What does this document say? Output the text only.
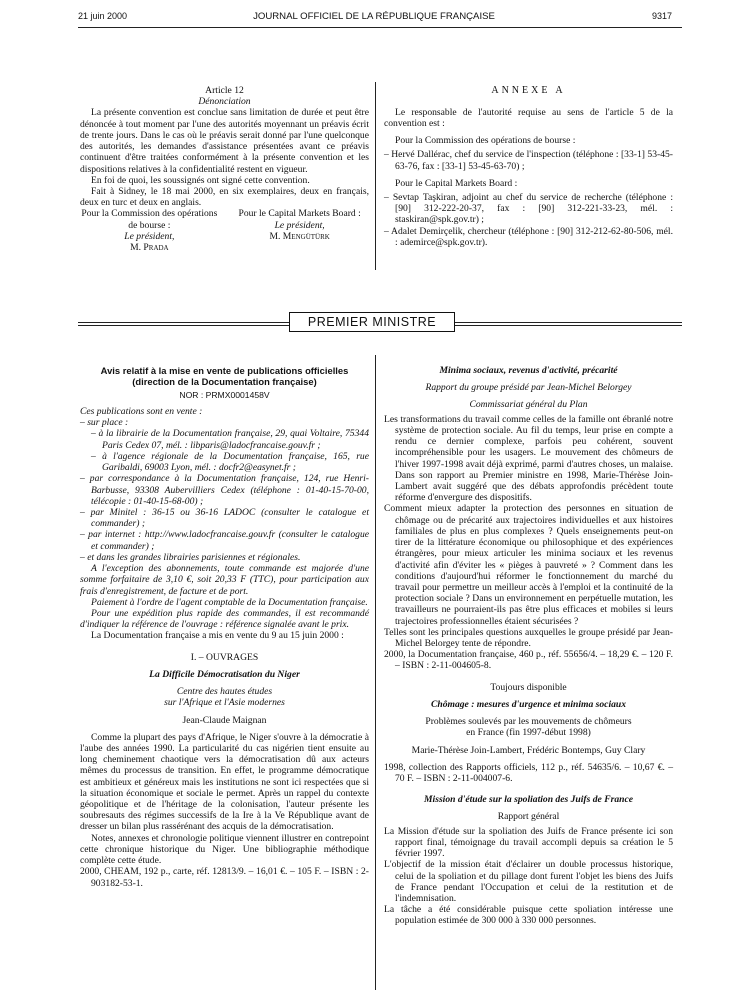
21 juin 2000	JOURNAL OFFICIEL DE LA RÉPUBLIQUE FRANÇAISE	9317

Article 12

Dénonciation

La présente convention est conclue sans limitation de durée et peut être dénoncée à tout moment par l'une des autorités moyennant un préavis écrit de trente jours. Dans le cas où le préavis serait donné par l'une quelconque des autorités, les demandes d'assistance présentées avant ce préavis continuent d'être traitées conformément à la présente convention et les dispositions relatives à la confidentialité restent en vigueur.

En foi de quoi, les soussignés ont signé cette convention.

Fait à Sidney, le 18 mai 2000, en six exemplaires, deux en français, deux en turc et deux en anglais.

Pour la Commission des opérations de bourse :

Le président,

M. Prada

Pour le Capital Markets Board :

Le président,

M. Mengütürk

ANNEXE A

Le responsable de l'autorité requise au sens de l'article 5 de la convention est :

Pour la Commission des opérations de bourse :

– Hervé Dallérac, chef du service de l'inspection (téléphone : [33-1] 53-45-63-76, fax : [33-1] 53-45-63-70) ;

Pour le Capital Markets Board :

– Sevtap Taşkiran, adjoint au chef du service de recherche (téléphone : [90] 312-222-20-37, fax : [90] 312-221-33-23, mél. : staskiran@spk.gov.tr) ;

– Adalet Demirçelik, chercheur (téléphone : [90] 312-212-62-80-506, mél. : ademirce@spk.gov.tr).

PREMIER MINISTRE

Avis relatif à la mise en vente de publications officielles

(direction de la Documentation française)

NOR : PRMX0001458V

Ces publications sont en vente :

– sur place :

– à la librairie de la Documentation française, 29, quai Voltaire, 75344 Paris Cedex 07, mél. : libparis@ladocfrancaise.gouv.fr ;

– à l'agence régionale de la Documentation française, 165, rue Garibaldi, 69003 Lyon, mél. : docfr2@easynet.fr ;

– par correspondance à la Documentation française, 124, rue Henri-Barbusse, 93308 Aubervilliers Cedex (téléphone : 01-40-15-70-00, télécopie : 01-40-15-68-00) ;

– par Minitel : 36-15 ou 36-16 LADOC (consulter le catalogue et commander) ;

– par internet : http://www.ladocfrancaise.gouv.fr (consulter le catalogue et commander) ;

– et dans les grandes librairies parisiennes et régionales.

A l'exception des abonnements, toute commande est majorée d'une somme forfaitaire de 3,10 €, soit 20,33 F (TTC), pour participation aux frais d'enregistrement, de facture et de port.

Paiement à l'ordre de l'agent comptable de la Documentation française.

Pour une expédition plus rapide des commandes, il est recommandé d'indiquer la référence de l'ouvrage : référence signalée avant le prix.

La Documentation française a mis en vente du 9 au 15 juin 2000 :

I. – OUVRAGES

La Difficile Démocratisation du Niger

Centre des hautes études

sur l'Afrique et l'Asie modernes

Jean-Claude Maignan

Comme la plupart des pays d'Afrique, le Niger s'ouvre à la démocratie à l'aube des années 1990. La particularité du cas nigérien tient ensuite au long cheminement chaotique vers la démocratisation dû aux acteurs mêmes du processus de transition. En effet, le programme démocratique est ambitieux et généreux mais les institutions ne sont ici respectées que si la situation économique et sociale le permet. Après un rappel du contexte géopolitique et de l'héritage de la colonisation, l'auteur présente les soubresauts des régimes successifs de la Ire à la Ve République avant de dresser un bilan plus rassérénant des acquis de la démocratisation.

Notes, annexes et chronologie politique viennent illustrer en contrepoint cette chronique historique du Niger. Une bibliographie méthodique complète cette étude.

2000, CHEAM, 192 p., carte, réf. 12813/9. – 16,01 €. – 105 F. – ISBN : 2-903182-53-1.

Minima sociaux, revenus d'activité, précarité

Rapport du groupe présidé par Jean-Michel Belorgey

Commissariat général du Plan

Les transformations du travail comme celles de la famille ont ébranlé notre système de protection sociale. Au fil du temps, leur prise en compte a rendu ce dernier complexe, parfois peu cohérent, souvent incompréhensible pour les usagers. Le mouvement des chômeurs de l'hiver 1997-1998 avait déjà exprimé, parmi d'autres choses, un malaise. Dans son rapport au Premier ministre en 1998, Marie-Thérèse Join-Lambert avait suggéré que des débats approfondis précèdent toute réforme d'envergure des dispositifs.

Comment mieux adapter la protection des personnes en situation de chômage ou de précarité aux trajectoires individuelles et aux histoires familiales de plus en plus complexes ? Quels enseignements peut-on tirer de la littérature économique ou philosophique et des expériences étrangères, pour mieux articuler les minima sociaux et les revenus d'activité afin d'éviter les « pièges à pauvreté » ? Comment dans les conditions d'aujourd'hui réformer le fonctionnement du marché du travail pour permettre un meilleur accès à l'emploi et la continuité de la protection sociale ? Dans un environnement en perpétuelle mutation, les travailleurs ne pourraient-ils pas être plus efficaces et mobiles si leurs trajectoires professionnelles étaient sécurisées ?

Telles sont les principales questions auxquelles le groupe présidé par Jean-Michel Belorgey tente de répondre.

2000, la Documentation française, 460 p., réf. 55656/4. – 18,29 €. – 120 F. – ISBN : 2-11-004605-8.

Toujours disponible

Chômage : mesures d'urgence et minima sociaux

Problèmes soulevés par les mouvements de chômeurs

en France (fin 1997-début 1998)

Marie-Thérèse Join-Lambert, Frédéric Bontemps, Guy Clary

1998, collection des Rapports officiels, 112 p., réf. 54635/6. – 10,67 €. – 70 F. – ISBN : 2-11-004007-6.

Mission d'étude sur la spoliation des Juifs de France

Rapport général

La Mission d'étude sur la spoliation des Juifs de France présente ici son rapport final, témoignage du travail accompli depuis sa création le 5 février 1997.

L'objectif de la mission était d'éclairer un double processus historique, celui de la spoliation et du pillage dont furent l'objet les biens des Juifs de France pendant l'Occupation et celui de la restitution et de l'indemnisation.

La tâche a été considérable puisque cette spoliation intéresse une population estimée de 300 000 à 330 000 personnes.
